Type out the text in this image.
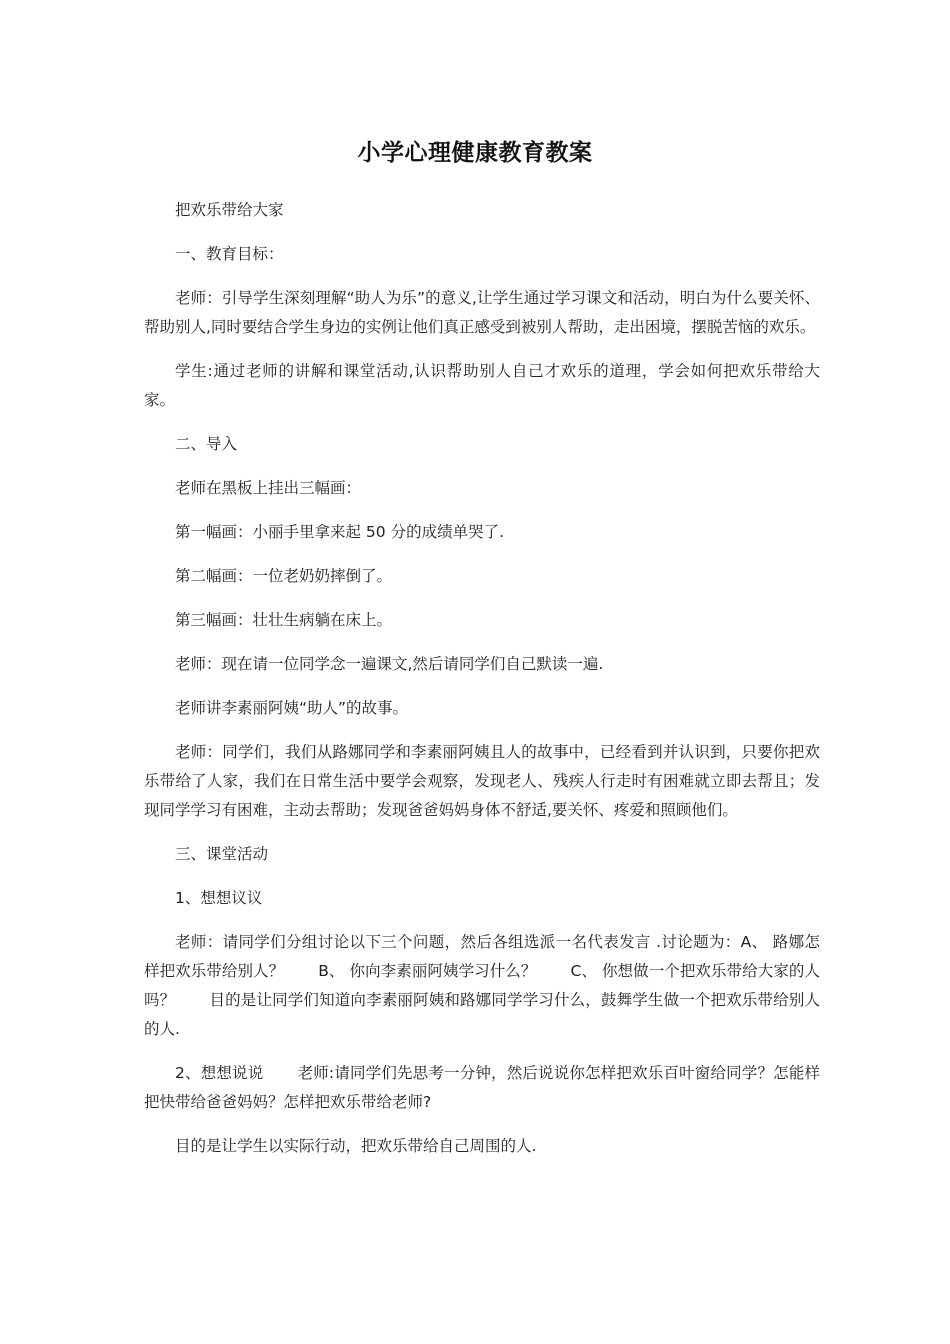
小学心理健康教育教案

把欢乐带给大家

一、教育目标：

老师：引导学生深刻理解“助人为乐”的意义,让学生通过学习课文和活动，明白为什么要关怀、帮助别人,同时要结合学生身边的实例让他们真正感受到被别人帮助，走出困境，摆脱苦恼的欢乐。

学生:通过老师的讲解和课堂活动,认识帮助别人自己才欢乐的道理，学会如何把欢乐带给大家。

二、导入

老师在黑板上挂出三幅画：

第一幅画：小丽手里拿来起 50 分的成绩单哭了.

第二幅画：一位老奶奶摔倒了。

第三幅画：壮壮生病躺在床上。

老师：现在请一位同学念一遍课文,然后请同学们自己默读一遍.

老师讲李素丽阿姨“助人”的故事。

老师：同学们，我们从路娜同学和李素丽阿姨且人的故事中，已经看到并认识到，只要你把欢乐带给了人家，我们在日常生活中要学会观察，发现老人、残疾人行走时有困难就立即去帮且；发现同学学习有困难，主动去帮助；发现爸爸妈妈身体不舒适,要关怀、疼爱和照顾他们。

三、课堂活动

1、想想议议

老师：请同学们分组讨论以下三个问题，然后各组选派一名代表发言 .讨论题为：A、 路娜怎样把欢乐带给别人？ B、 你向李素丽阿姨学习什么？ C、 你想做一个把欢乐带给大家的人吗？ 目的是让同学们知道向李素丽阿姨和路娜同学学习什么，鼓舞学生做一个把欢乐带给别人的人.

2、想想说说 老师:请同学们先思考一分钟，然后说说你怎样把欢乐百叶窗给同学？怎能样把快带给爸爸妈妈？怎样把欢乐带给老师?

目的是让学生以实际行动，把欢乐带给自己周围的人.
